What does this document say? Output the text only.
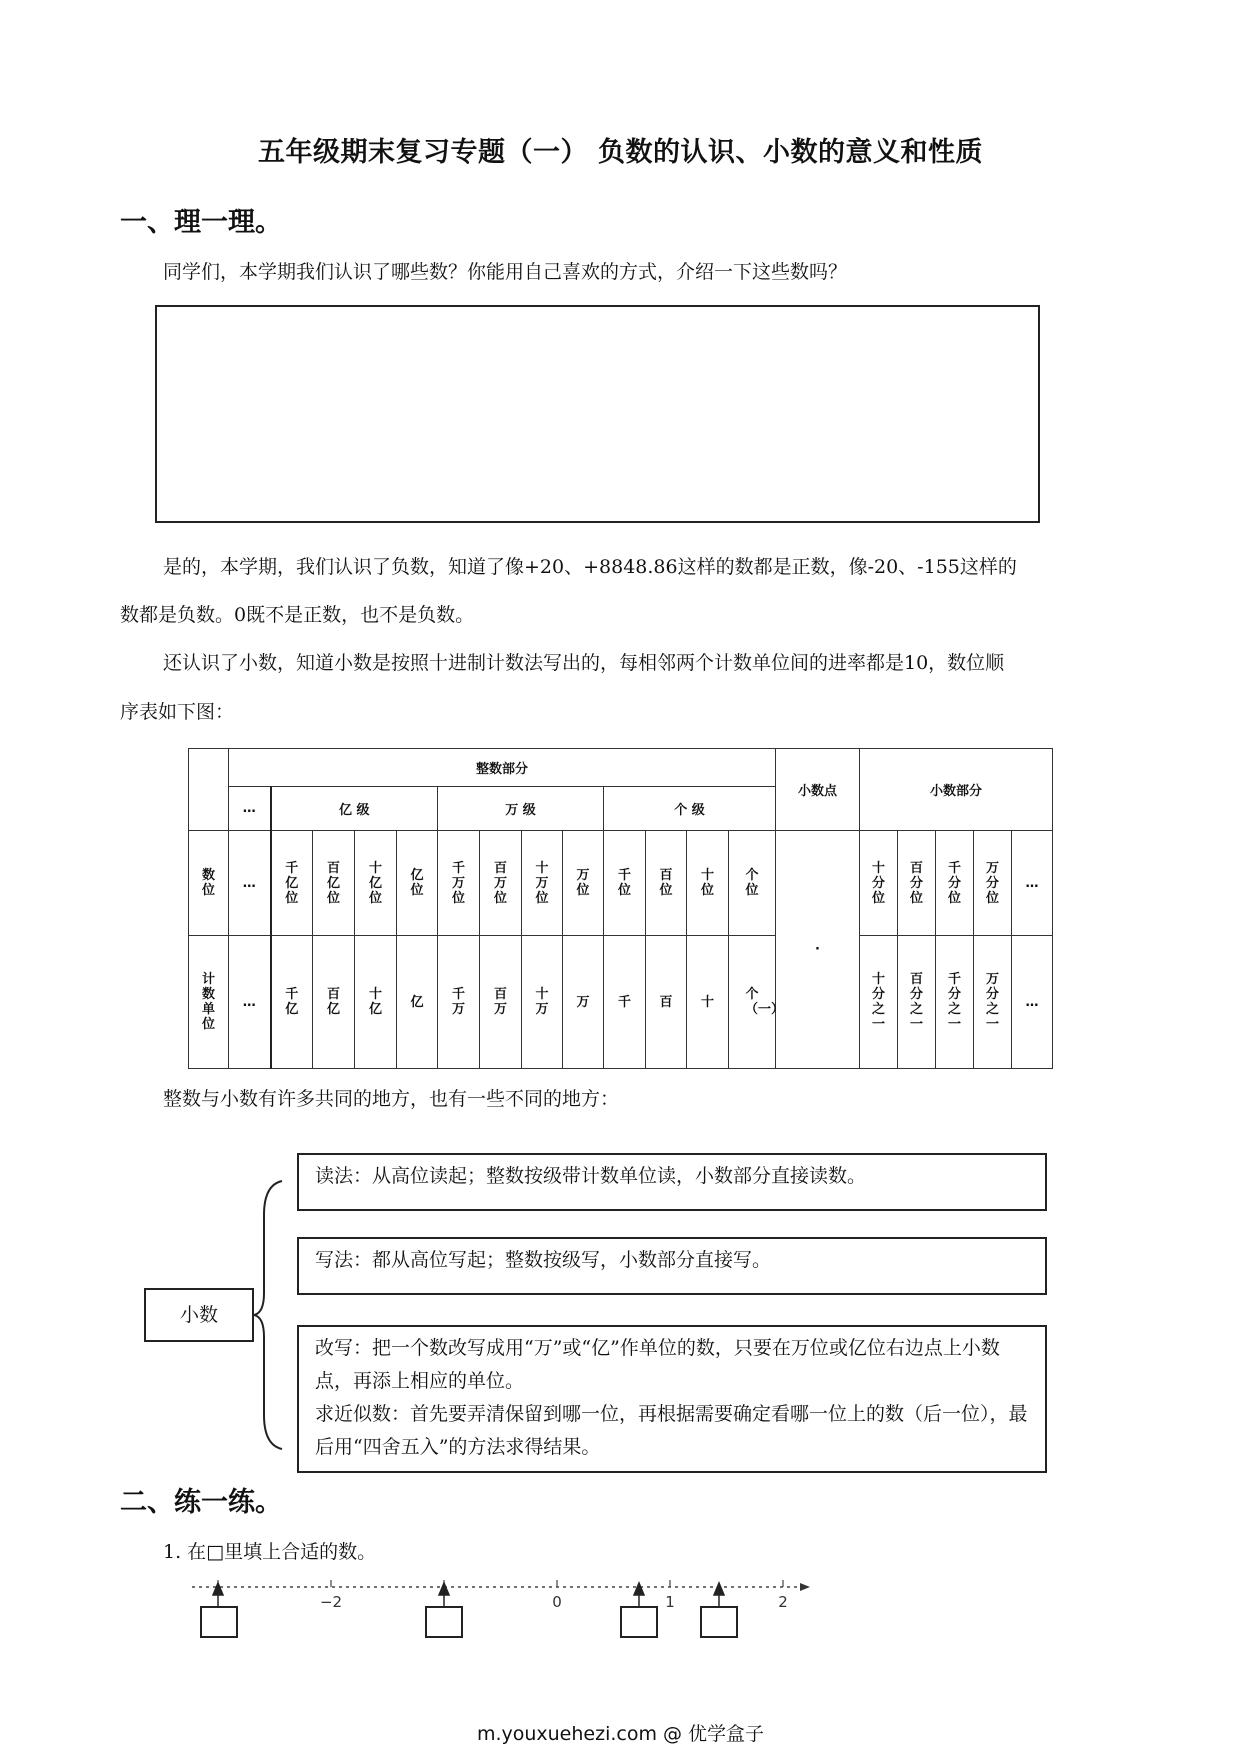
五年级期末复习专题（一） 负数的认识、小数的意义和性质
一、理一理。
同学们，本学期我们认识了哪些数？你能用自己喜欢的方式，介绍一下这些数吗？
是的，本学期，我们认识了负数，知道了像+20、+8848.86这样的数都是正数，像-20、-155这样的
数都是负数。0既不是正数，也不是负数。
还认识了小数，知道小数是按照十进制计数法写出的，每相邻两个计数单位间的进率都是10，数位顺
序表如下图：
	整数部分													小数点	小数部分				
	…	亿 级				万 级				个 级									
数位	…	千亿位	百亿位	十亿位	亿位	千万位	百万位	十万位	万位	千位	百位	十位	个位	·	十分位	百分位	千分位	万分位	…
计数单位	…	千亿	百亿	十亿	亿	千万	百万	十万	万	千	百	十	个（一）		十分之一	百分之一	千分之一	万分之一	…
整数与小数有许多共同的地方，也有一些不同的地方：
小数
读法：从高位读起；整数按级带计数单位读，小数部分直接读数。
写法：都从高位写起；整数按级写，小数部分直接写。
改写：把一个数改写成用“万”或“亿”作单位的数，只要在万位或亿位右边点上小数点，再添上相应的单位。
求近似数：首先要弄清保留到哪一位，再根据需要确定看哪一位上的数（后一位），最后用“四舍五入”的方法求得结果。
二、练一练。
1. 在□里填上合适的数。
−2	0	1	2
m.youxuehezi.com @ 优学盒子
